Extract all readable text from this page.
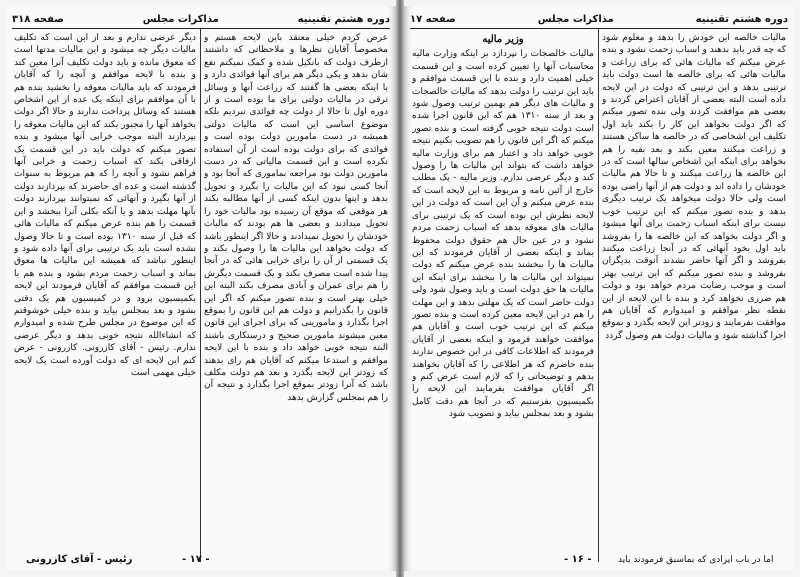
دوره هشتم تقنینیه
مذاکرات مجلس
صفحه ۳۱۸

عرض کردم خیلی معتقد باین لایحه هستم و مخصوصاً آقایان نظرها و ملاحظاتی که داشتند ازطرف دولت که بانکیل شده و کمک نمیکنم نفع شان بدهد و یکی دیگر هم برای آنها فوائدی دارد و با اینکه بعضی ها گفتند که زراعت آنها و وسائل ترقی در مالیات دولتی برای ما بوده است و از دوره اول تا حالا از دولت چه فوائدی نبردیم بلکه موضوع اساسی این است که مالیات دولتی همیشه در دست مامورین دولت بوده است و فوائدی که برای دولت بوده است از آن استفاده نکرده است و این قسمت مالیاتی که در دست مامورین دولت بود مراجعه بماموری که آنجا بود و آنجا کسی نبود که این مالیات را بگیرد و تحویل بدهد و اینها بدون اینکه کسی از آنها مطالبه بکند هر موقعی که موقع آن رسیده بود مالیات خود را تحویل میدادند و بعضی ها هم بودند که مالیات خودشان را تحویل نمیدادند و حالا اگر اینطور باشد که دولت بخواهد این مالیات ها را وصول بکند و یک قسمتی از آن را برای خرابی هائی که در آنجا پیدا شده است مصرف بکند و یک قسمت دیگرش را هم برای عمران و آبادی مصرف بکند البته این خیلی بهتر است و بنده تصور میکنم که اگر این قانون را بگذرانیم و دولت هم این قانون را بموقع اجرا بگذارد و مامورینی که برای اجرای این قانون معین میشوند مامورین صحیح و درستکاری باشند البته نتیجه خوبی خواهد داد و بنده با این لایحه موافقم و استدعا میکنم که آقایان هم رای بدهند که زودتر این لایحه بگذرد و بعد هم دولت مکلف باشد که آنرا زودتر بموقع اجرا بگذارد و نتیجه آن را هم بمجلس گزارش بدهد

دیگر عرضی ندارم و بعد از این است که تکلیف مالیات دیگر چه میشود و این مالیات مدتها است که معوق مانده و باید دولت تکلیف آنرا معین کند و بنده با لایحه موافقم و آنچه را که آقایان فرمودند که باید مالیات معوقه را بخشید بنده هم با آن موافقم برای اینکه یک عده از این اشخاص هستند که وسائل پرداخت ندارند و حالا اگر دولت بخواهد آنها را مجبور بکند که این مالیات معوقه را بپردازند البته موجب خرابی آنها میشود و بنده تصور میکنم که دولت باید در این قسمت یک ارفاقی بکند که اسباب زحمت و خرابی آنها فراهم نشود و آنچه را که هم مربوط به سنوات گذشته است و عده ای حاضرند که بپردازند دولت از آنها بگیرد و آنهائی که نمیتوانند بپردازند دولت بآنها مهلت بدهد و یا آنکه بکلی آنرا ببخشد و این قسمت را هم بنده عرض میکنم که مالیات هائی که قبل از سنه ۱۳۱۰ بوده است و تا حالا وصول نشده است باید یک ترتیبی برای آنها داده شود و اینطور نباشد که همیشه این مالیات ها معوق بماند و اسباب زحمت مردم بشود و بنده هم با این قسمت موافقم که آقایان فرمودند این لایحه بکمیسیون برود و در کمیسیون هم یک دقتی بشود و بعد بمجلس بیاید و بنده خیلی خوشوقتم که این موضوع در مجلس طرح شده و امیدوارم که انشاءالله نتیجه خوبی بدهد و دیگر عرضی ندارم. رئیس - آقای کازرونی. کازرونی - عرض کنم این لایحه ای که دولت آورده است یک لایحه خیلی مهمی است

رئیس - آقای کازرونی	- ۱۷ -
دوره هشتم تقنینیه
مذاکرات مجلس
صفحه ۱۷

مالیات خالصه این خودش را بدهد و معلوم شود که چه قدر باید بدهند و اسباب زحمت نشود و بنده عرض میکنم که مالیات هائی که برای زراعت و مالیات هائی که برای خالصه ها است دولت باید ترتیبی بدهد و این ترتیبی که دولت در این لایحه داده است البته بعضی از آقایان اعتراض کردند و بعضی هم موافقت کردند ولی بنده تصور میکنم که اگر دولت بخواهد این کار را بکند باید اول تکلیف این اشخاصی که در خالصه ها ساکن هستند و زراعت میکنند معین بکند و بعد بقیه را هم بخواهد برای اینکه این اشخاص سالها است که در این خالصه ها زراعت میکنند و تا حالا هم مالیات خودشان را داده اند و دولت هم از آنها راضی بوده است ولی حالا دولت میخواهد یک ترتیب دیگری بدهد و بنده تصور میکنم که این ترتیب خوب نیست برای اینکه اسباب زحمت برای آنها میشود و اگر دولت بخواهد که این خالصه ها را بفروشد باید اول بخود آنهائی که در آنجا زراعت میکنند بفروشد و اگر آنها حاضر نشدند آنوقت بدیگران بفروشد و بنده تصور میکنم که این ترتیب بهتر است و موجب رضایت مردم خواهد بود و دولت هم ضرری نخواهد کرد و بنده با این لایحه از این نقطه نظر موافقم و امیدوارم که آقایان هم موافقت بفرمایند و زودتر این لایحه بگذرد و بموقع اجرا گذاشته شود و مالیات دولت هم وصول گردد

وزیر مالیه

مالیات خالصجات را نپردازد بر اینکه وزارت مالیه محاسبات آنها را تعیین کرده است و این قسمت خیلی اهمیت دارد و بنده با این قسمت موافقم و باید این ترتیب را دولت بدهد که مالیات خالصجات و مالیات های دیگر هم بهمین ترتیب وصول شود و بعد از سنه ۱۳۱۰ هم که این قانون اجرا شده است دولت نتیجه خوبی گرفته است و بنده تصور میکنم که اگر این قانون را هم تصویب بکنیم نتیجه خوبی خواهد داد و اعتبار هم برای وزارت مالیه خواهد داشت که بتواند این مالیات ها را وصول کند و دیگر عرضی ندارم. وزیر مالیه - یک مطلب خارج از آئین نامه و مربوط به این لایحه است که بنده عرض میکنم و آن این است که دولت در این لایحه نظرش این بوده است که یک ترتیبی برای مالیات های معوقه بدهد که اسباب زحمت مردم نشود و در عین حال هم حقوق دولت محفوظ بماند و اینکه بعضی از آقایان فرمودند که این مالیات ها را ببخشند بنده عرض میکنم که دولت نمیتواند این مالیات ها را ببخشد برای اینکه این مالیات ها حق دولت است و باید وصول شود ولی دولت حاضر است که یک مهلتی بدهد و این مهلت را هم در این لایحه معین کرده است و بنده تصور میکنم که این ترتیب خوب است و آقایان هم موافقت خواهند فرمود و اینکه بعضی از آقایان فرمودند که اطلاعات کافی در این خصوص ندارند بنده حاضرم که هر اطلاعی را که آقایان بخواهند بدهم و توضیحاتی را که لازم است عرض کنم و اگر آقایان موافقت بفرمایند این لایحه را بکمیسیون بفرستیم که در آنجا هم دقت کامل بشود و بعد بمجلس بیاید و تصویب شود

- ۱۶ -	اما در باب ایرادی که بماسبق فرمودند باید
